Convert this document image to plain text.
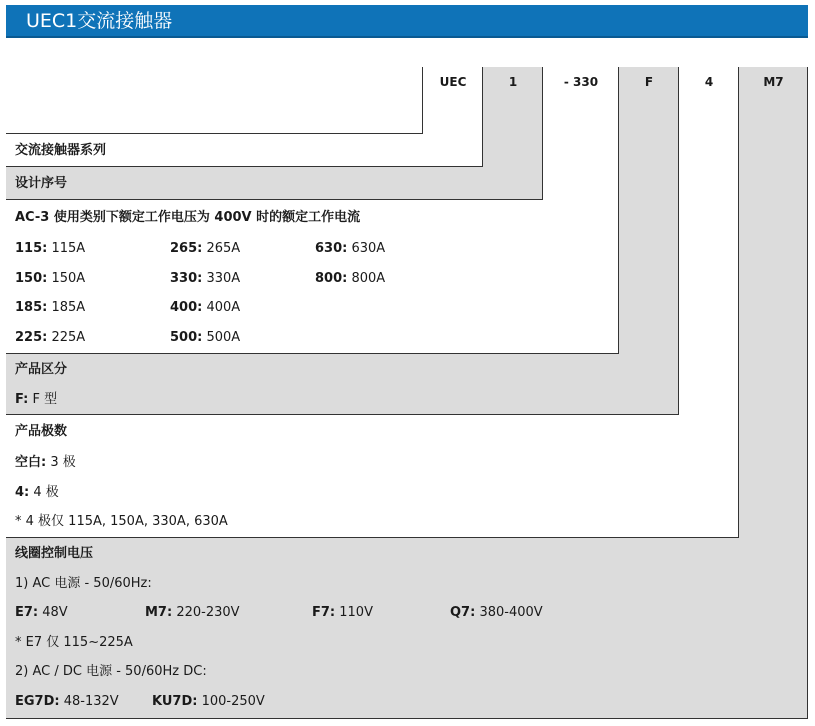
UEC1交流接触器
UEC	1	- 330	F	4	M7
交流接触器系列
设计序号
AC-3 使用类别下额定工作电压为 400V 时的额定工作电流
115: 115A	265: 265A	630: 630A
150: 150A	330: 330A	800: 800A
185: 185A	400: 400A
225: 225A	500: 500A
产品区分
F: F 型
产品极数
空白: 3 极
4: 4 极
* 4 极仅 115A, 150A, 330A, 630A
线圈控制电压
1) AC 电源 - 50/60Hz:
E7: 48V	M7: 220-230V	F7: 110V	Q7: 380-400V
* E7 仅 115~225A
2) AC / DC 电源 - 50/60Hz DC:
EG7D: 48-132V	KU7D: 100-250V
